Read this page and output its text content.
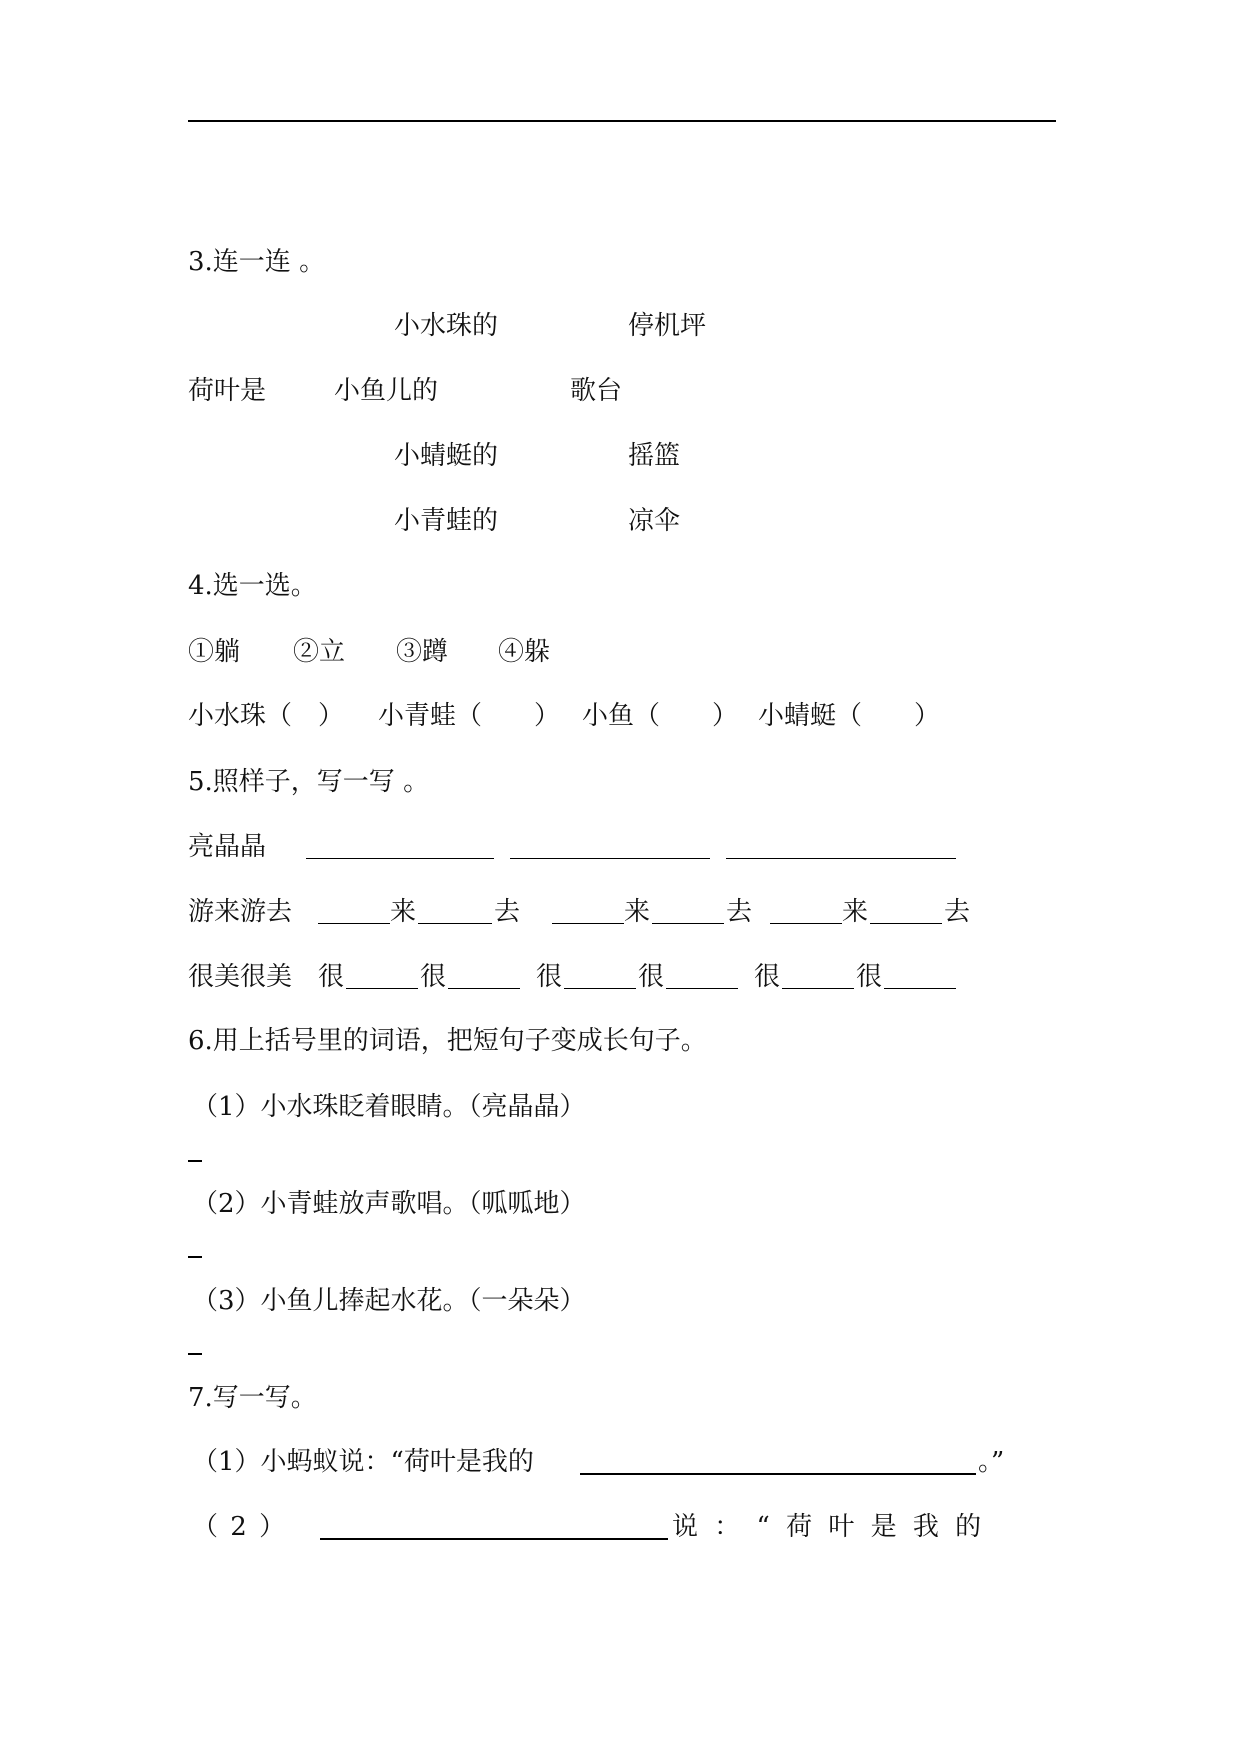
3.连一连 。
小水珠的	停机坪
荷叶是	小鱼儿的	歌台
小蜻蜓的	摇篮
小青蛙的	凉伞
4.选一选。
①躺 ②立 ③蹲 ④躲
小水珠（　） 小青蛙（　　） 小鱼（　　） 小蜻蜓（　　）
5.照样子，写一写 。
亮晶晶
游来游去	来	去	来	去	来	去
很美很美 很	很	很	很	很	很
6.用上括号里的词语，把短句子变成长句子。
（1）小水珠眨着眼睛。（亮晶晶）
（2）小青蛙放声歌唱。（呱呱地）
（3）小鱼儿捧起水花。（一朵朵）
7.写一写。
（1）小蚂蚁说：“荷叶是我的	。”
（ 2 ）	说 ： “ 荷 叶 是 我 的
